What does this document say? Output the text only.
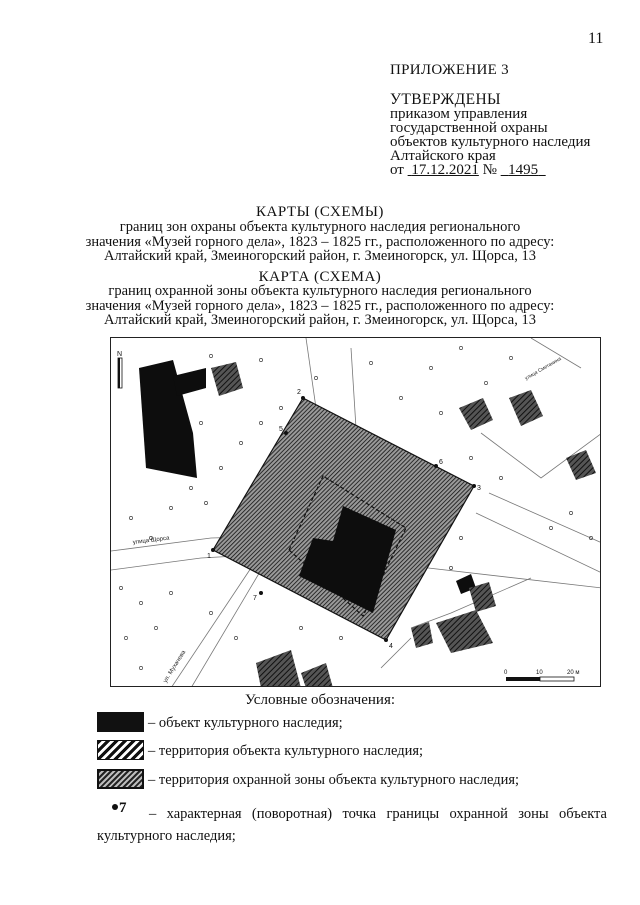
11
ПРИЛОЖЕНИЕ 3
УТВЕРЖДЕНЫ
приказом управления
государственной охраны
объектов культурного наследия
Алтайского края
от 17.12.2021 № 1495
КАРТЫ (СХЕМЫ)
границ зон охраны объекта культурного наследия регионального
значения «Музей горного дела», 1823 – 1825 гг., расположенного по адресу:
Алтайский край, Змеиногорский район, г. Змеиногорск, ул. Щорса, 13
КАРТА (СХЕМА)
границ охранной зоны объекта культурного наследия регионального
значения «Музей горного дела», 1823 – 1825 гг., расположенного по адресу:
Алтайский край, Змеиногорский район, г. Змеиногорск, ул. Щорса, 13
1
2
3
4
5
6
7
N
улица Щорса
ул. Мухачева
улица Сметанина
0	10	20 м
Условные обозначения:
– объект культурного наследия;
– территория объекта культурного наследия;
– территория охранной зоны объекта культурного наследия;
7	– характерная (поворотная) точка границы охранной зоны объекта культурного наследия;
